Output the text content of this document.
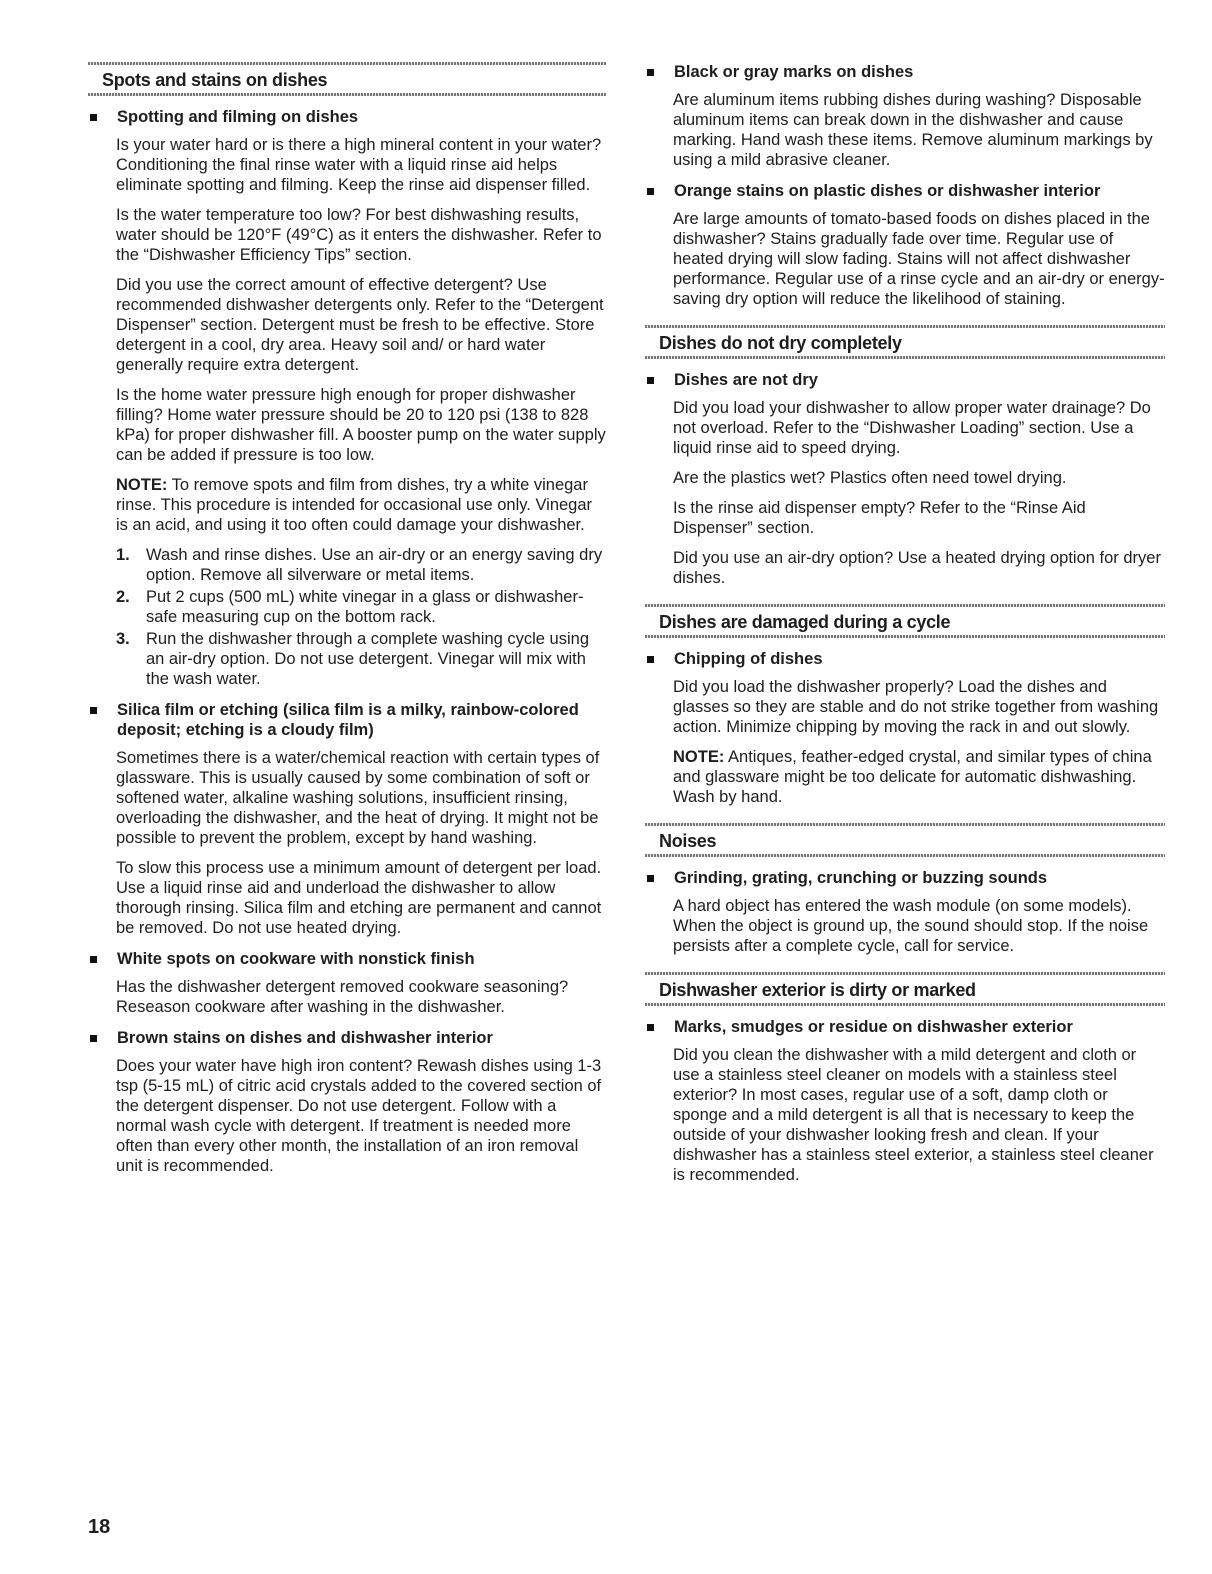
Spots and stains on dishes
Spotting and filming on dishes

Is your water hard or is there a high mineral content in your water? Conditioning the final rinse water with a liquid rinse aid helps eliminate spotting and filming. Keep the rinse aid dispenser filled.

Is the water temperature too low? For best dishwashing results, water should be 120°F (49°C) as it enters the dishwasher. Refer to the “Dishwasher Efficiency Tips” section.

Did you use the correct amount of effective detergent? Use recommended dishwasher detergents only. Refer to the “Detergent Dispenser” section. Detergent must be fresh to be effective. Store detergent in a cool, dry area. Heavy soil and/ or hard water generally require extra detergent.

Is the home water pressure high enough for proper dishwasher filling? Home water pressure should be 20 to 120 psi (138 to 828 kPa) for proper dishwasher fill. A booster pump on the water supply can be added if pressure is too low.

NOTE: To remove spots and film from dishes, try a white vinegar rinse. This procedure is intended for occasional use only. Vinegar is an acid, and using it too often could damage your dishwasher.

1. Wash and rinse dishes. Use an air-dry or an energy saving dry option. Remove all silverware or metal items.
2. Put 2 cups (500 mL) white vinegar in a glass or dishwasher-safe measuring cup on the bottom rack.
3. Run the dishwasher through a complete washing cycle using an air-dry option. Do not use detergent. Vinegar will mix with the wash water.
Silica film or etching (silica film is a milky, rainbow-colored deposit; etching is a cloudy film)

Sometimes there is a water/chemical reaction with certain types of glassware. This is usually caused by some combination of soft or softened water, alkaline washing solutions, insufficient rinsing, overloading the dishwasher, and the heat of drying. It might not be possible to prevent the problem, except by hand washing.

To slow this process use a minimum amount of detergent per load. Use a liquid rinse aid and underload the dishwasher to allow thorough rinsing. Silica film and etching are permanent and cannot be removed. Do not use heated drying.

White spots on cookware with nonstick finish

Has the dishwasher detergent removed cookware seasoning? Reseason cookware after washing in the dishwasher.

Brown stains on dishes and dishwasher interior

Does your water have high iron content? Rewash dishes using 1-3 tsp (5-15 mL) of citric acid crystals added to the covered section of the detergent dispenser. Do not use detergent. Follow with a normal wash cycle with detergent. If treatment is needed more often than every other month, the installation of an iron removal unit is recommended.

Black or gray marks on dishes

Are aluminum items rubbing dishes during washing? Disposable aluminum items can break down in the dishwasher and cause marking. Hand wash these items. Remove aluminum markings by using a mild abrasive cleaner.

Orange stains on plastic dishes or dishwasher interior

Are large amounts of tomato-based foods on dishes placed in the dishwasher? Stains gradually fade over time. Regular use of heated drying will slow fading. Stains will not affect dishwasher performance. Regular use of a rinse cycle and an air-dry or energy-saving dry option will reduce the likelihood of staining.

Dishes do not dry completely
Dishes are not dry

Did you load your dishwasher to allow proper water drainage? Do not overload. Refer to the “Dishwasher Loading” section. Use a liquid rinse aid to speed drying.

Are the plastics wet? Plastics often need towel drying.

Is the rinse aid dispenser empty? Refer to the “Rinse Aid Dispenser” section.

Did you use an air-dry option? Use a heated drying option for dryer dishes.

Dishes are damaged during a cycle
Chipping of dishes

Did you load the dishwasher properly? Load the dishes and glasses so they are stable and do not strike together from washing action. Minimize chipping by moving the rack in and out slowly.

NOTE: Antiques, feather-edged crystal, and similar types of china and glassware might be too delicate for automatic dishwashing. Wash by hand.

Noises
Grinding, grating, crunching or buzzing sounds

A hard object has entered the wash module (on some models). When the object is ground up, the sound should stop. If the noise persists after a complete cycle, call for service.

Dishwasher exterior is dirty or marked
Marks, smudges or residue on dishwasher exterior

Did you clean the dishwasher with a mild detergent and cloth or use a stainless steel cleaner on models with a stainless steel exterior? In most cases, regular use of a soft, damp cloth or sponge and a mild detergent is all that is necessary to keep the outside of your dishwasher looking fresh and clean. If your dishwasher has a stainless steel exterior, a stainless steel cleaner is recommended.

18
